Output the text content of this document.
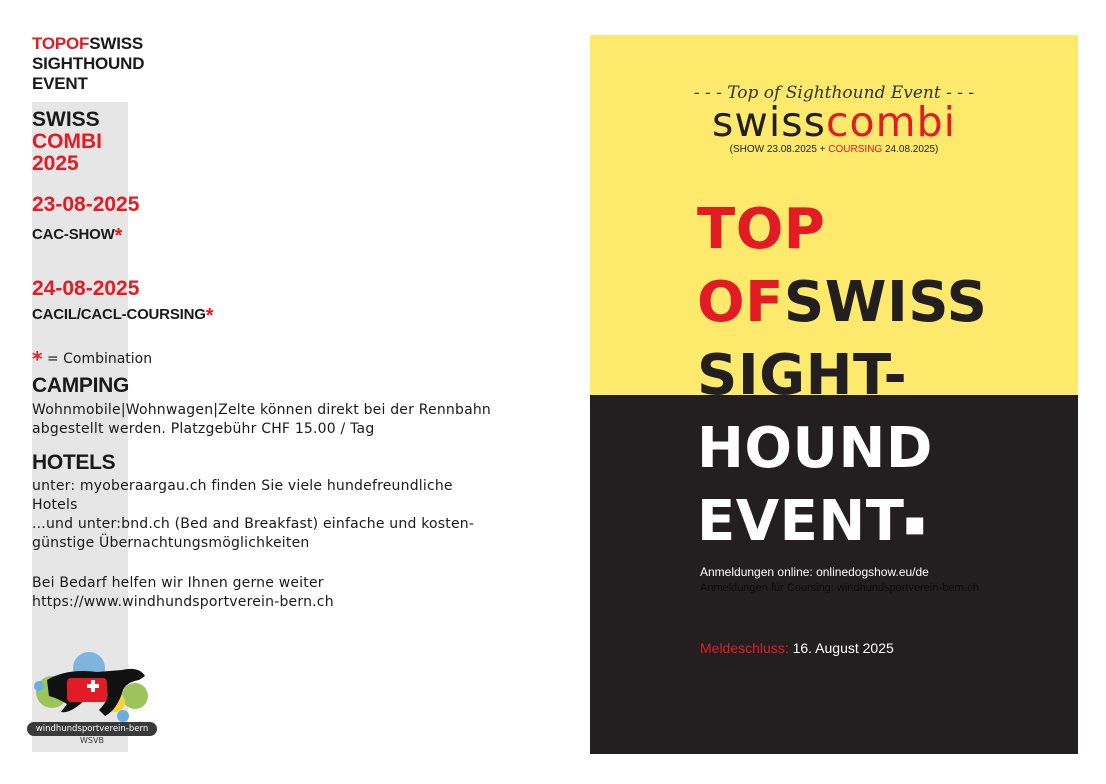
TOPOFSWISS
SIGHTHOUND
EVENT
SWISS
COMBI
2025
23-08-2025
CAC-SHOW*
24-08-2025
CACIL/CACL-COURSING*
* = Combination
CAMPING
Wohnmobile|Wohnwagen|Zelte können direkt bei der Rennbahn
abgestellt werden. Platzgebühr CHF 15.00 / Tag
HOTELS
unter: myoberaargau.ch finden Sie viele hundefreundliche
Hotels
...und unter:bnd.ch (Bed and Breakfast) einfache und kosten-
günstige Übernachtungsmöglichkeiten
Bei Bedarf helfen wir Ihnen gerne weiter
https://www.windhundsportverein-bern.ch
windhundsportverein-bern
WSVB
- - - Top of Sighthound Event - - -
swisscombi
(SHOW 23.08.2025 + COURSING 24.08.2025)
TOP
OFSWISS
SIGHT-
HOUND
EVENT■
Anmeldungen online: onlinedogshow.eu/de
Anmeldungen für Coursing: windhundsportverein-bern.ch
Meldeschluss: 16. August 2025
